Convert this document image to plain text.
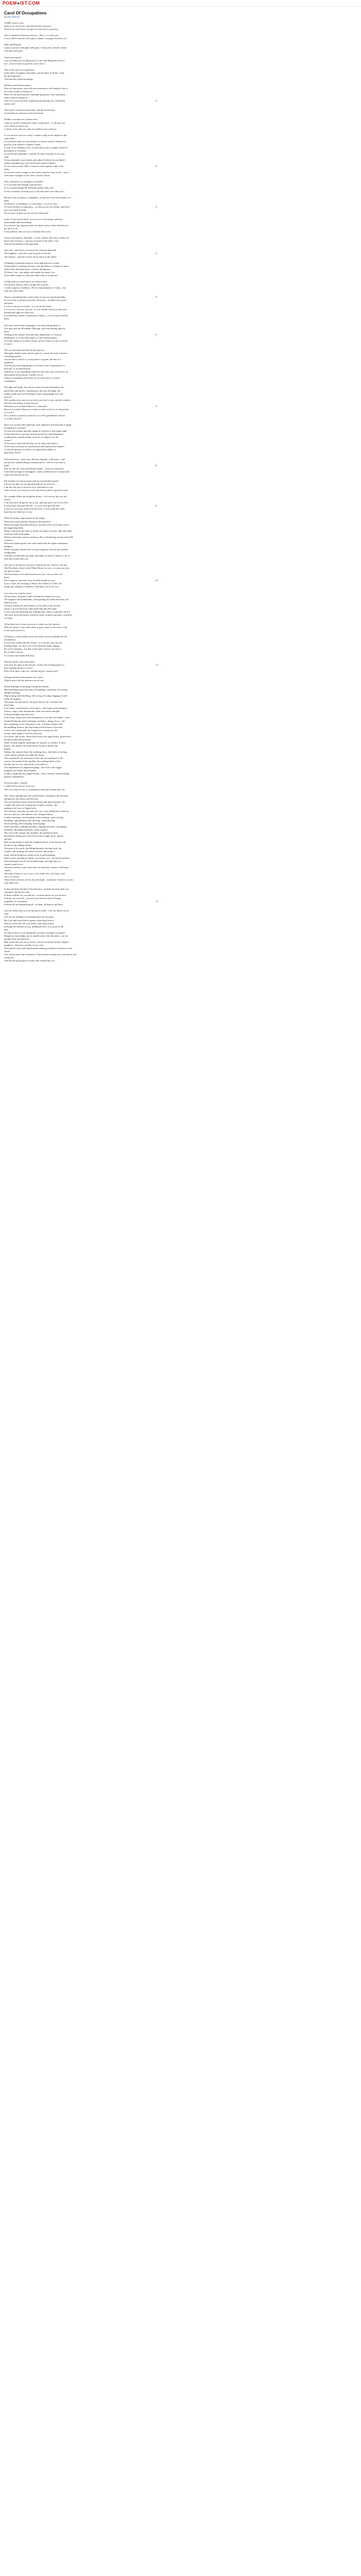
POEM●IST.COM
Carol Of Occupations

by Walt Whitman

COME closer to me;
Push close, my lovers, and take the best I possess;
Yield closer and closer, and give me the best you possess.
This is unfinish'd business with me—How is it with you?
(I was chill'd with the cold types, cylinder, wet paper between us.)
Male and Female!
I pass so poorly with paper and types, I must pass with the contact
of bodies and souls.
American masses!
I do not thank you for liking me as I am, and liking the touch of
me—I know that it is good for you to do so.
This is the carol of occupations;
In the labor of engines and trades, and the labor of fields, I find
the developments,
And find the eternal meanings.
Workmen and Workwomen!
Were all educations, practical and ornamental, well display'd out of
me, what would it amount to?
Were I as the head teacher, charitable proprietor, wise statesman,
what would it amount to?
Were I to you as the boss employing and paying you, would that	10
satisfy you?
The learn'd, virtuous, benevolent, and the usual terms;
A man like me, and never the usual terms.
Neither a servant nor a master am I;
I take no sooner a large price than a small price—I will have my
own, whoever enjoys me;
I will be even with you, and you shall be even with me.
If you stand at work in a shop, I stand as nigh as the nighest in the
same shop;
If you bestow gifts on your brother or dearest friend, I demand as
good as your brother or dearest friend;
If your lover, husband, wife, is welcome by day or night, I must be
personally as welcome;
If you become degraded, criminal, ill, then I become so for your
sake;
If you remember your foolish and outlaw'd deeds, do you think I
cannot remember my own foolish and outlaw'd deeds?
If you carouse at the table, I carouse at the opposite side of the	20
table;
If you meet some stranger in the streets, and love him or her—why I
often meet strangers in the street, and love them.
Why, what have you thought of yourself?
Is it you then that thought yourself less?
Is it you that thought the President greater than you?
Or the rich better off than you? or the educated wiser than you?
Because you are greasy or pimpled—or that you were once drunk, or a
thief,
Or diseas'd, or rheumatic, or a prostitute—or are so now;
Or from frivolity or impotence—or that you are no scholar, and never	30
saw your name in print,
Do you give in that you are any less immortal?
Souls of men and women! it is not you I call unseen, unheard,
untouchable and untouching;
It is not you I go argue pro and con about, and to settle whether you
are alive or no;
I own publicly who you are, if nobody else owns.
Grown, half-grown, and babe—of this country and every country, in-
doors and out-doors—one just as much as the other, I see,
And all else behind or through them.
The wife—and she is not one jot less than the husband;
The daughter—and she is just as good as the son;	40
The mother—and she is every bit as much as the father.
Offspring of ignorant and poor, boys apprenticed to trades,
Young fellows working on farms, and old fellows working on farms,
Sailor-men, merchant-men, coasters, immigrants,
All these I see—but nigher and farther the same I see;
None shall escape me, and none shall wish to escape me.
I bring what you much need, yet always have,
Not money, amours, dress, eating, but as good;
I send no agent or medium, offer no representative of value—but
offer the value itself.
There is something that comes home to one now and perpetually;	50
It is not what is printed, preach'd, discussed—it eludes discussion
and print;
It is not to be put in a book—it is not in this book;
It is for you, whoever you are—it is no farther from you than your
hearing and sight are from you;
It is hinted by nearest, commonest, readiest—it is ever provoked by
them.
You may read in many languages, yet read nothing about it;
You may read the President's Message, and read nothing about it
there;
Nothing in the reports from the State department or Treasury	60
department, or in the daily papers, or the weekly papers,
Or in the census or revenue returns, prices current, or any accounts
of stock.
The sun and stars that float in the open air;
The apple-shaped earth, and we upon it—surely the drift of them is
something grand!
I do not know what it is, except that it is grand, and that it is
happiness,
And that the enclosing purport of us here is not a speculation, or
bon-mot, or reconnoissance,
And that it is not something which by luck may turn out well for us,
and without luck must be a failure for us,
And not something which may yet be retracted in a certain
contingency.
The light and shade, the curious sense of body and identity, the
greed that with perfect complaisance devours all things, the
endless pride and out-stretching of man, unspeakable joys and
sorrows,
The wonder every one sees in every one else he sees, and the wonders
that fill each minute of time forever,
What have you reckon'd them for, camerado?	70
Have you reckon'd them for a trade, or farm-work? or for the profits
of a store?
Or to achieve yourself a position? or to fill a gentleman's leisure,
or a lady's leisure?
Have you reckon'd the landscape took substance and form that it might
be painted in a picture?
Or men and women that they might be written of, and songs sung?
Or the attraction of gravity, and the great laws and harmonious
combinations, and the fluids of the air, as subjects for the
savans?
Or the brown land and the blue sea for maps and charts?
Or the stars to be put in constellations and named fancy names?
Or that the growth of seeds is for agricultural tables, or
agriculture itself?
Old institutions—these arts, libraries, legends, collections—and
the practice handed along in manufactures—will we rate them so
high?	80
Will we rate our cash and business high?—I have no objection;
I rate them as high as the highest—then a child born of a woman and
man I rate beyond all rate.
We thought our Union grand, and our Constitution grand;
I do not say they are not grand and good, for they are,
I am this day just as much in love with them as you;
Then I am in love with you, and with all my fellows upon the earth.
We consider bibles and religions divine—I do not say they are not
divine;
I say they have all grown out of you, and may grow out of you still;
It is not they who give the life—it is you who give the life;	90
Leaves are not more shed from the trees, or trees from the earth,
than they are shed out of you.
When the psalm sings instead of the singer;
When the script preaches instead of the preacher;
When the pulpit descends and goes, instead of the carver that carved
the supporting desk;
When I can touch the body of books, by night or by day, and when they
touch my body back again;
When a university course convinces, like a slumbering woman and child
convince;
When the minted gold in the vault smiles like the night-watchman's
daughter;
When warrantee deeds loafe in chairs opposite, and are my friendly
companions;
I intend to reach them my hand, and make as much of them as I do of
men and women like you.
The sum of all known reverence I add up in you, whoever you are;
The President is there in the White House for you—it is not you who
are here for him;
The Secretaries act in their bureaus for you—not you here for
them;
The Congress convenes every Twelfth-month for you;	100
Laws, courts, the forming of States, the charters of cities, the
going and coming of commerce and mails, are all for you.
List close, my scholars dear!
All doctrines, all politics and civilization, exurge from you;
All sculpture and monuments, and anything inscribed anywhere, are
tallied in you;
The gist of histories and statistics as far back as the records
reach, is in you this hour, and myths and tales the same;
If you were not breathing and walking here, where would they all be?
The most renown'd poems would be ashes, orations and plays would be
vacuums.
All architecture is what you do to it when you look upon it;
(Did you think it was in the white or gray stone? or the lines of the
arches and cornices?)
All music is what awakes from you when you are reminded by the
instruments;
It is not the violins and the cornets—it is not the oboe nor the
beating drums, nor the score of the baritone singer singing
his sweet romanza—nor that of the men's chorus, nor that of
the women's chorus,
It is nearer and farther than they.
Will the whole come back then?
Can each see signs of the best by a look in the looking-glass? is	120
there nothing greater or more?
Does all sit there with you, with the mystic, unseen soul?
Strange and hard that paradox true I give;
Objects gross and the unseen soul are one.
House-building, measuring, sawing the boards;
Blacksmithing, glass-blowing, nail-making, coopering, tin-roofing,
shingle-dressing,
Ship-joining, dock-building, fish-curing, ferrying, flagging of side-
walks by flaggers,
The pump, the pile-driver, the great derrick, the coal-kiln and
brick-kiln,
Coal-mines, and all that is down there,—the lamps in the darkness,
echoes, songs, what meditations, what vast native thoughts
looking through smutch'd faces,
Iron-works, forge-fires in the mountains, or by the river-banks—men
around feeling the melt with huge crowbars—lumps of ore—the
due combining of ore, limestone, coal—the blast-furnace and
the puddling-furnace, the loup-lump at the bottom of the melt
at last—the rolling-mill, the stumpy bars of pig-iron, the
strong, clean-shaped T-rail for railroads;
Oil-works, silk-works, white-lead-works, the sugar-house, steam-saws,
the great mills and factories;
Stone-cutting, shapely trimmings for façades, or window or door-
lintels—the mallet, the tooth-chisel, the jib to protect the
thumb,
Oakum, the oakum-chisel, the caulking-iron—the kettle of boiling
vault-cement, and the fire under the kettle,
The cotton-bale, the stevedore's hook, the saw and buck of the
sawyer, the mould of the moulder, the working-knife of the
butcher, the ice-saw, and all the work with ice,
The implements for daguerreotyping—the tools of the rigger,
grappler, sail-maker, block-maker,
Goods of gutta-percha, papier-mache, colors, brushes, brush-making,
glazier's implements,
Put in his place, carmen!
I cannot tell you how I love you,
All I love America for, is contained in men and women like you.
The veneer and glue-pot, the confectioner's ornaments, the decanter
and glasses, the shears and flat-iron;
The awl and knee-strap, the pint measure and quart measure, the
counter and stool, the writing-pen of quill or metal—the
making of all sorts of edged tools;
The brewery, brewing, the malt, the vats, every thing that is done by
brewers, also by wine-makers, also vinegar-makers;
Leather-dressing, coach-making, boiler-making, rope-twisting,
distilling, sign-painting, lime-burning, cotton-picking,
electro-plating, electrotyping, stereotyping,
Stave-machines, planing-machines, reaping-machines, ploughing-
machines, thrashing-machines, steam wagons,
The cart of the carman, the omnibus, the ponderous dray;
Pyrotechny, letting off color'd fireworks at night, fancy figures
and jets;
Beef on the butcher's stall, the slaughter-house of the butcher, the
butcher in his killing-clothes,
The pens of live pork, the killing-hammer, the hog-hook, the
scalder's tub, gutting, the cutter's cleaver, the packer's
maul, and the plenteous winter-work of pork-packing;
Flour-works, grinding of wheat, rye, maize, rice—the barrels and the
half and quarter barrels, the loaded barges, the high piles on
wharves and levees;
The men, and the work of the men, on railroads, coasters, fish-boats,
canals;
The daily routine of your own or any man's life—the shop, yard,
store, or factory;
These shows all near you by day and night—workman! whoever you are,
your daily life!
In that and them the heft of the heaviest—in them far more than you
estimated, and far less also;
In them realities for you and me—in them poems for you and me;
In them, not yourself—you and your Soul enclose all things,
regardless of estimation;	150
In them the development good—in them, all themes and hints.
I do not affirm what you see beyond is futile—I do not advise you to
stop;
I do not say leadings you thought great are not great;
But I say that none lead to greater, than those lead to.
Will you seek afar off? you surely come back at last,
In things best known to you, finding the best, or as good as the
best,
In folks nearest to you finding the sweetest, strongest, lovingest;
Happiness, knowledge, not in another place, but this place—not for
another hour, but this hour;
Man in the first you see or touch—always in friend, brother, nighest
neighbor—Woman in mother, lover, wife;
The popular tastes and employments taking precedence in poems or any
where,
You workwomen and workmen of These States having your own divine and
strong life,
And all else giving place to men and women like you.
